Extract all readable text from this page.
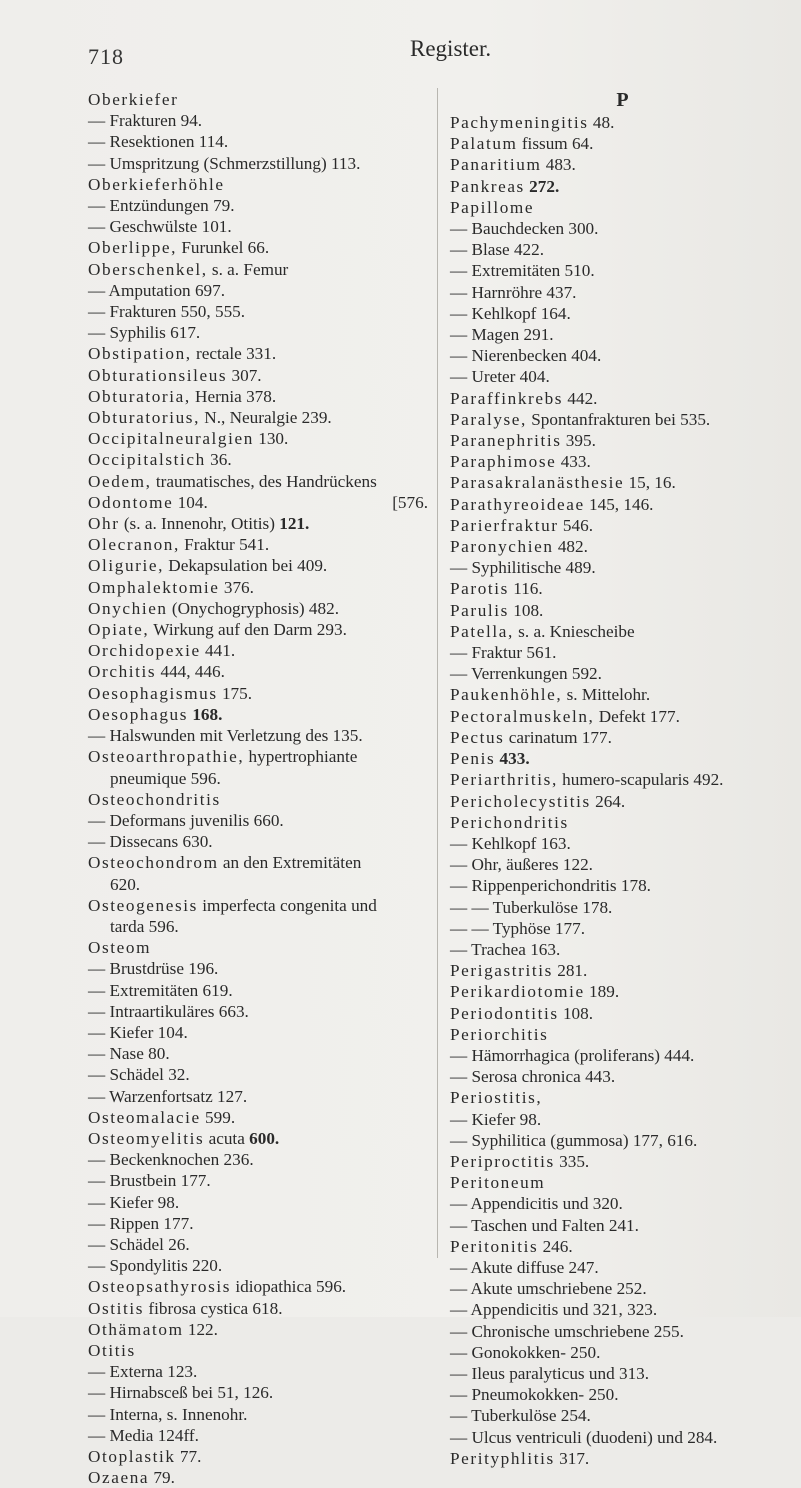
718	Register.
Oberkiefer
— Frakturen 94.
— Resektionen 114.
— Umspritzung (Schmerzstillung) 113.
Oberkieferhöhle
— Entzündungen 79.
— Geschwülste 101.
Oberlippe, Furunkel 66.
Oberschenkel, s. a. Femur
— Amputation 697.
— Frakturen 550, 555.
— Syphilis 617.
Obstipation, rectale 331.
Obturationsileus 307.
Obturatoria, Hernia 378.
Obturatorius, N., Neuralgie 239.
Occipitalneuralgien 130.
Occipitalstich 36.
Oedem, traumatisches, des Handrückens
Odontome 104.	[576.
Ohr (s. a. Innenohr, Otitis) 121.
Olecranon, Fraktur 541.
Oligurie, Dekapsulation bei 409.
Omphalektomie 376.
Onychien (Onychogryphosis) 482.
Opiate, Wirkung auf den Darm 293.
Orchidopexie 441.
Orchitis 444, 446.
Oesophagismus 175.
Oesophagus 168.
— Halswunden mit Verletzung des 135.
Osteoarthropathie, hypertrophiante
pneumique 596.
Osteochondritis
— Deformans juvenilis 660.
— Dissecans 630.
Osteochondrom an den Extremitäten
620.
Osteogenesis imperfecta congenita und
tarda 596.
Osteom
— Brustdrüse 196.
— Extremitäten 619.
— Intraartikuläres 663.
— Kiefer 104.
— Nase 80.
— Schädel 32.
— Warzenfortsatz 127.
Osteomalacie 599.
Osteomyelitis acuta 600.
— Beckenknochen 236.
— Brustbein 177.
— Kiefer 98.
— Rippen 177.
— Schädel 26.
— Spondylitis 220.
Osteopsathyrosis idiopathica 596.
Ostitis fibrosa cystica 618.
Othämatom 122.
Otitis
— Externa 123.
— Hirnabsceß bei 51, 126.
— Interna, s. Innenohr.
— Media 124ff.
Otoplastik 77.
Ozaena 79.
P
Pachymeningitis 48.
Palatum fissum 64.
Panaritium 483.
Pankreas 272.
Papillome
— Bauchdecken 300.
— Blase 422.
— Extremitäten 510.
— Harnröhre 437.
— Kehlkopf 164.
— Magen 291.
— Nierenbecken 404.
— Ureter 404.
Paraffinkrebs 442.
Paralyse, Spontanfrakturen bei 535.
Paranephritis 395.
Paraphimose 433.
Parasakralanästhesie 15, 16.
Parathyreoideae 145, 146.
Parierfraktur 546.
Paronychien 482.
— Syphilitische 489.
Parotis 116.
Parulis 108.
Patella, s. a. Kniescheibe
— Fraktur 561.
— Verrenkungen 592.
Paukenhöhle, s. Mittelohr.
Pectoralmuskeln, Defekt 177.
Pectus carinatum 177.
Penis 433.
Periarthritis, humero-scapularis 492.
Pericholecystitis 264.
Perichondritis
— Kehlkopf 163.
— Ohr, äußeres 122.
— Rippenperichondritis 178.
— — Tuberkulöse 178.
— — Typhöse 177.
— Trachea 163.
Perigastritis 281.
Perikardiotomie 189.
Periodontitis 108.
Periorchitis
— Hämorrhagica (proliferans) 444.
— Serosa chronica 443.
Periostitis,
— Kiefer 98.
— Syphilitica (gummosa) 177, 616.
Periproctitis 335.
Peritoneum
— Appendicitis und 320.
— Taschen und Falten 241.
Peritonitis 246.
— Akute diffuse 247.
— Akute umschriebene 252.
— Appendicitis und 321, 323.
— Chronische umschriebene 255.
— Gonokokken- 250.
— Ileus paralyticus und 313.
— Pneumokokken- 250.
— Tuberkulöse 254.
— Ulcus ventriculi (duodeni) und 284.
Perityphlitis 317.
